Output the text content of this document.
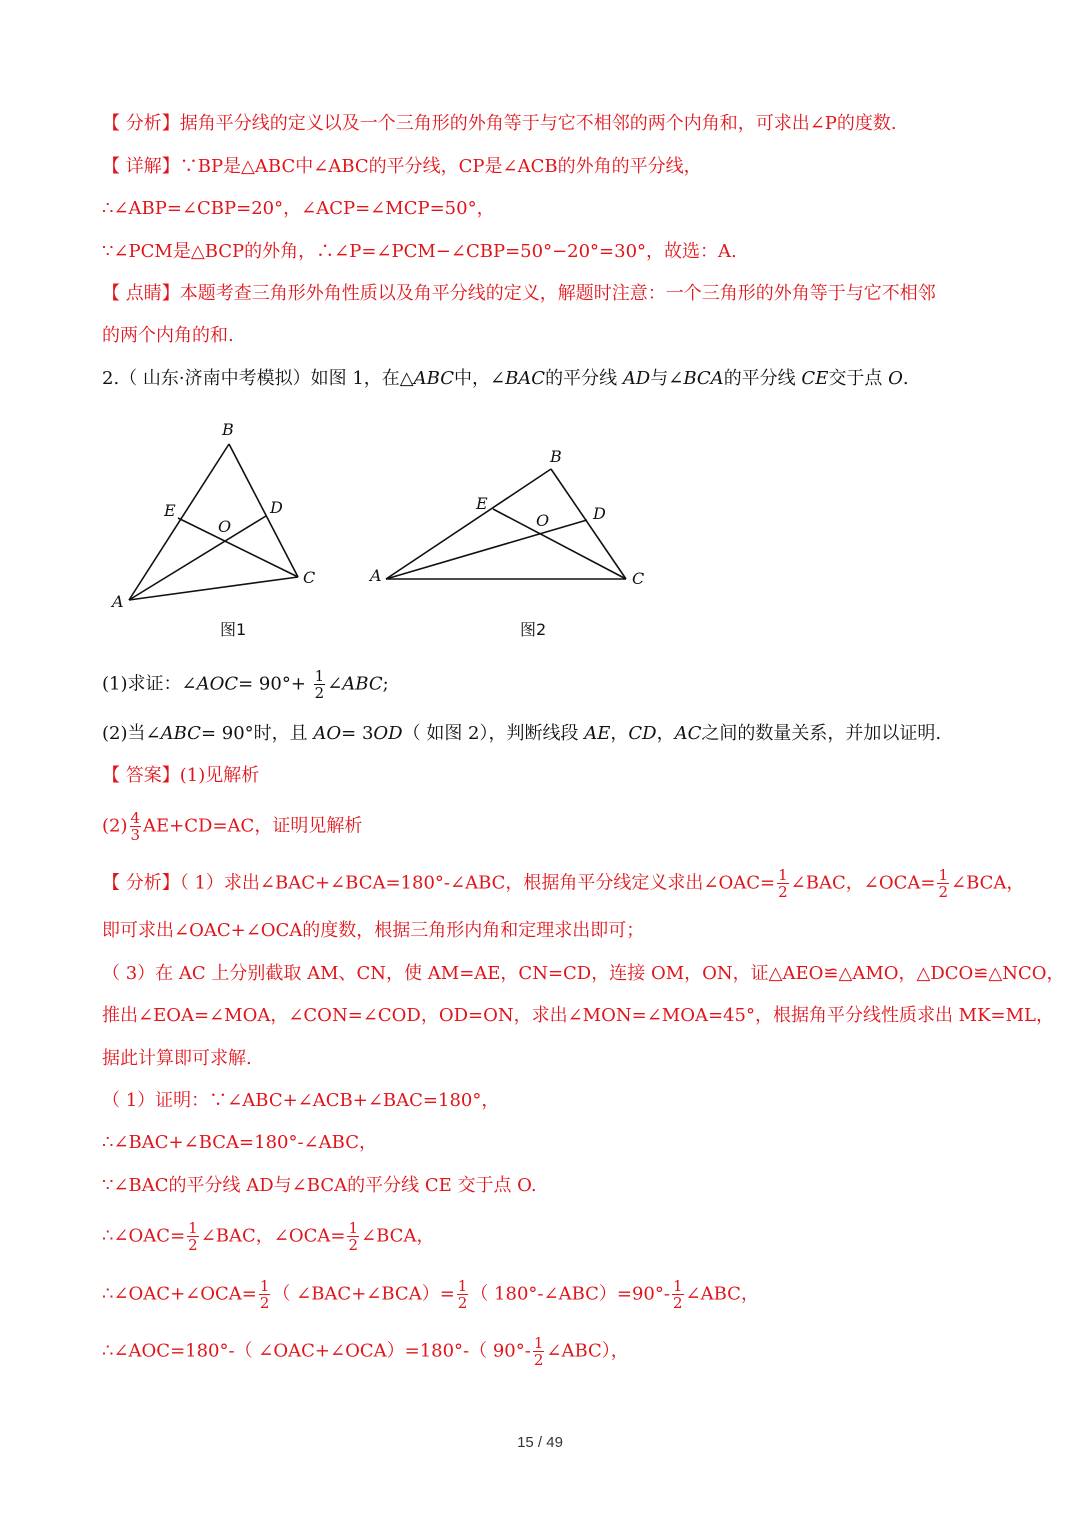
【 分析】据角平分线的定义以及一个三角形的外角等于与它不相邻的两个内角和，可求出∠P的度数.
【 详解】∵BP是△ABC中∠ABC的平分线，CP是∠ACB的外角的平分线，
∴∠ABP=∠CBP=20°，∠ACP=∠MCP=50°，
∵∠PCM是△BCP的外角，∴∠P=∠PCM−∠CBP=50°−20°=30°，故选：A.
【 点睛】本题考查三角形外角性质以及角平分线的定义，解题时注意：一个三角形的外角等于与它不相邻
的两个内角的和.
2.（ 山东·济南中考模拟）如图 1，在△ABC中，∠BAC的平分线 AD与∠BCA的平分线 CE交于点 O.
B
E	D
O
A
C
图1
B
E
O	D
A	C
图2
(1)求证：∠AOC= $90^\circ+ \frac{1}{2}$ ∠ABC;
(2)当∠ABC= 90°时，且 AO= 3OD（ 如图 2），判断线段 AE，CD，AC之间的数量关系，并加以证明.
【 答案】(1)见解析
$(2) \frac{4}{3} AE+CD=AC$，证明见解析
【 分析】（ 1）求出∠BAC+∠BCA=180°-∠ABC，根据角平分线定义求出∠OAC= $\frac{1}{2}$ ∠BAC，∠OCA= $\frac{1}{2}$ ∠BCA，
即可求出∠OAC+∠OCA的度数，根据三角形内角和定理求出即可；
（ 3）在 AC 上分别截取 AM、CN，使 AM=AE，CN=CD，连接 OM，ON，证△AEO≌△AMO，△DCO≌△NCO，
推出∠EOA=∠MOA，∠CON=∠COD，OD=ON，求出∠MON=∠MOA=45°，根据角平分线性质求出 MK=ML，
据此计算即可求解.
（ 1）证明：∵∠ABC+∠ACB+∠BAC=180°，
∴∠BAC+∠BCA=180°-∠ABC，
∵∠BAC的平分线 AD与∠BCA的平分线 CE 交于点 O.
∴∠OAC= $\frac{1}{2}$ ∠BAC，∠OCA= $\frac{1}{2}$ ∠BCA，
∴∠OAC+∠OCA= $\frac{1}{2}$ （ ∠BAC+∠BCA）= $\frac{1}{2}$ （ 180°-∠ABC）=90°- $\frac{1}{2}$ ∠ABC，
∴∠AOC=180°-（ ∠OAC+∠OCA）=180°-（ $90^\circ- \frac{1}{2}$ ∠ABC），
15 / 49
